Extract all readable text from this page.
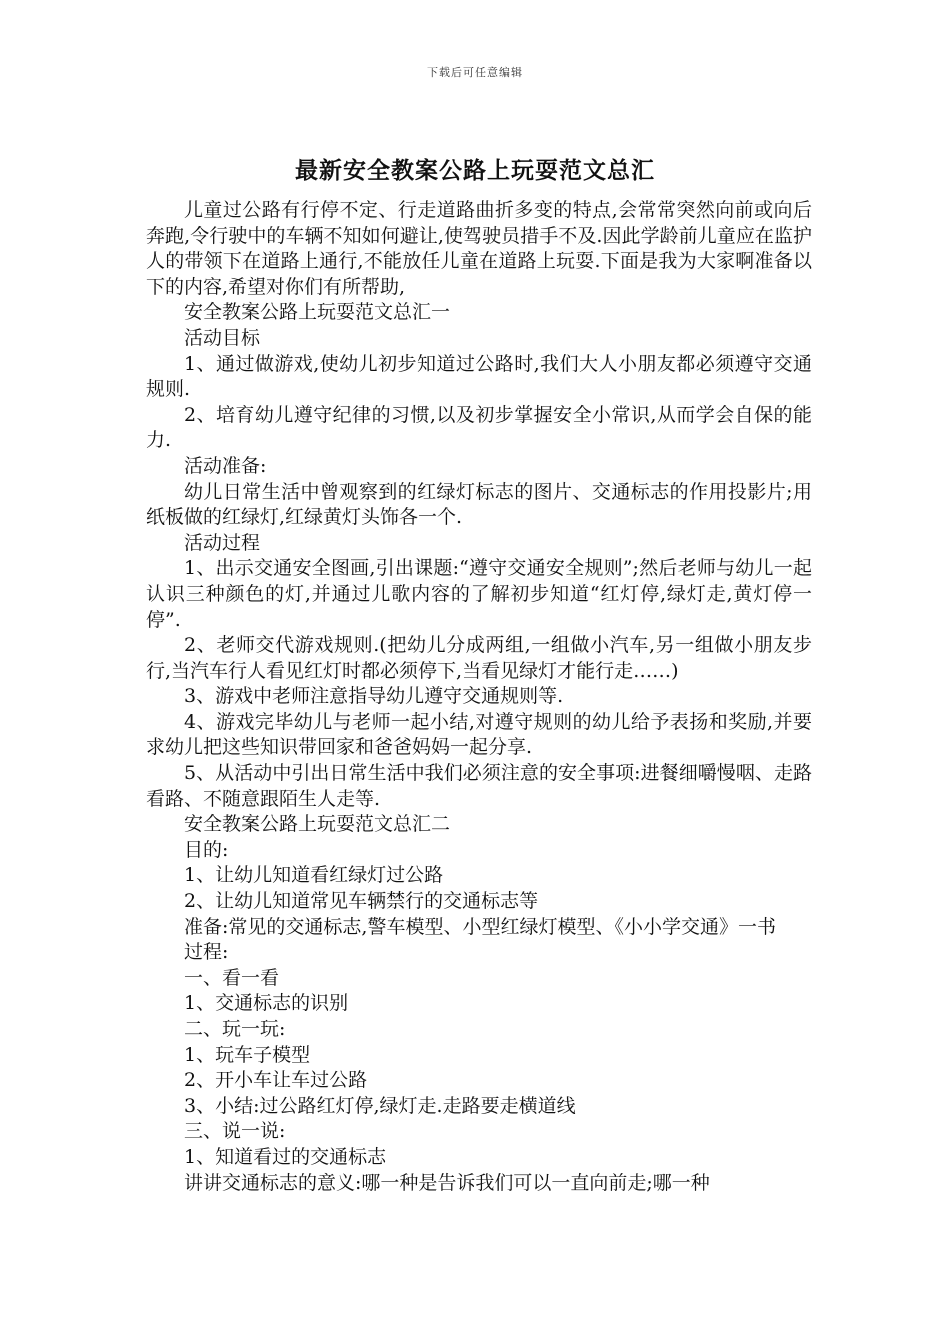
下载后可任意编辑
最新安全教案公路上玩耍范文总汇

儿童过公路有行停不定、行走道路曲折多变的特点,会常常突然向前或向后奔跑,令行驶中的车辆不知如何避让,使驾驶员措手不及.因此学龄前儿童应在监护人的带领下在道路上通行,不能放任儿童在道路上玩耍.下面是我为大家啊准备以下的内容,希望对你们有所帮助,

安全教案公路上玩耍范文总汇一

活动目标

1、通过做游戏,使幼儿初步知道过公路时,我们大人小朋友都必须遵守交通规则.

2、培育幼儿遵守纪律的习惯,以及初步掌握安全小常识,从而学会自保的能力.

活动准备:

幼儿日常生活中曾观察到的红绿灯标志的图片、交通标志的作用投影片;用纸板做的红绿灯,红绿黄灯头饰各一个.

活动过程

1、出示交通安全图画,引出课题:“遵守交通安全规则”;然后老师与幼儿一起认识三种颜色的灯,并通过儿歌内容的了解初步知道“红灯停,绿灯走,黄灯停一停”.

2、老师交代游戏规则.(把幼儿分成两组,一组做小汽车,另一组做小朋友步行,当汽车行人看见红灯时都必须停下,当看见绿灯才能行走……)

3、游戏中老师注意指导幼儿遵守交通规则等.

4、游戏完毕幼儿与老师一起小结,对遵守规则的幼儿给予表扬和奖励,并要求幼儿把这些知识带回家和爸爸妈妈一起分享.

5、从活动中引出日常生活中我们必须注意的安全事项:进餐细嚼慢咽、走路看路、不随意跟陌生人走等.

安全教案公路上玩耍范文总汇二

目的:

1、让幼儿知道看红绿灯过公路

2、让幼儿知道常见车辆禁行的交通标志等

准备:常见的交通标志,警车模型、小型红绿灯模型、《小小学交通》一书

过程:

一、看一看

1、交通标志的识别

二、玩一玩:

1、玩车子模型

2、开小车让车过公路

3、小结:过公路红灯停,绿灯走.走路要走横道线

三、说一说:

1、知道看过的交通标志

讲讲交通标志的意义:哪一种是告诉我们可以一直向前走;哪一种
